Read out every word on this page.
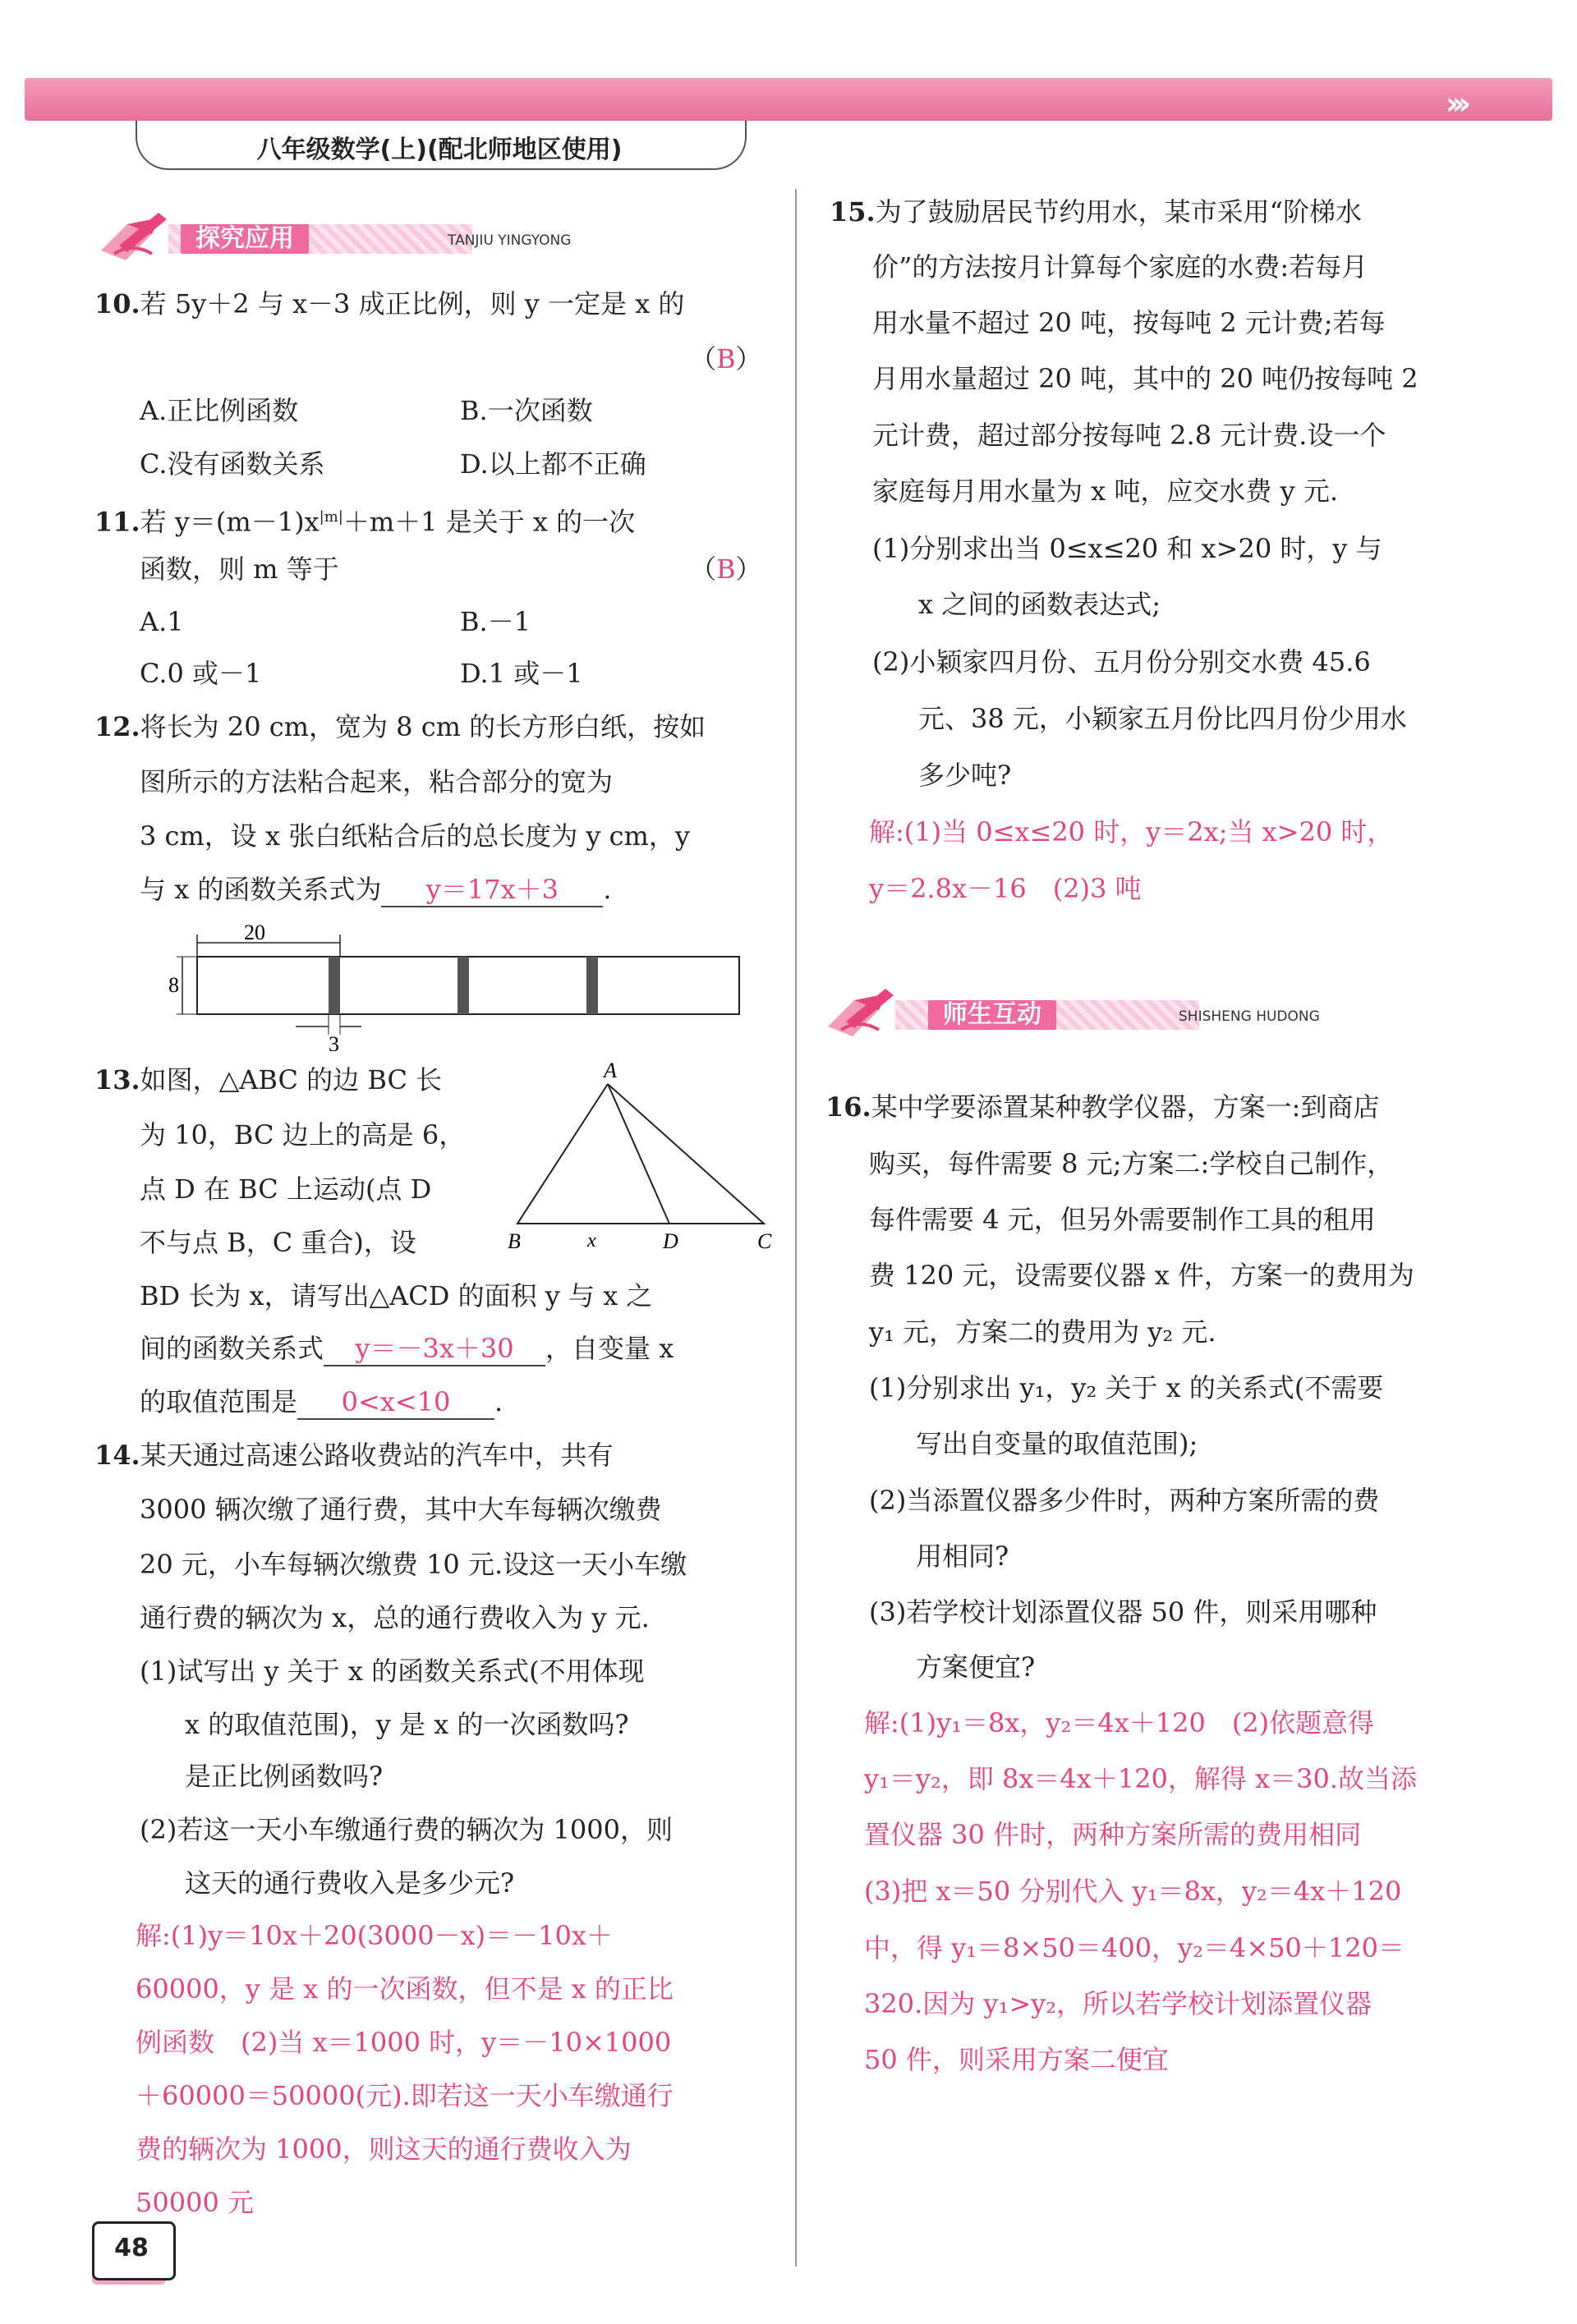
›››
八年级数学(上)(配北师地区使用)
探究应用	TANJIU YINGYONG
10.若 5y＋2 与 x－3 成正比例，则 y 一定是 x 的
（B）
A.正比例函数	B.一次函数
C.没有函数关系	D.以上都不正确
11.若 $y=(m-1)x^{|m|}+m+1$ 是关于 x 的一次
函数，则 m 等于	（B）
A.1	B.－1
C.0 或－1	D.1 或－1
12.将长为 20 cm，宽为 8 cm 的长方形白纸，按如
图所示的方法粘合起来，粘合部分的宽为
3 cm，设 x 张白纸粘合后的总长度为 y cm，y
与 x 的函数关系式为 y＝17x＋3 .
20
8
3
13.如图，△ABC 的边 BC 长
为 10，BC 边上的高是 6，
点 D 在 BC 上运动(点 D
不与点 B，C 重合)，设
BD 长为 x，请写出△ACD 的面积 y 与 x 之
间的函数关系式 y＝－3x＋30 ，自变量 x
的取值范围是 0<x<10 .
A
B	C
D
x
14.某天通过高速公路收费站的汽车中，共有
3000 辆次缴了通行费，其中大车每辆次缴费
20 元，小车每辆次缴费 10 元.设这一天小车缴
通行费的辆次为 x，总的通行费收入为 y 元.
(1)试写出 y 关于 x 的函数关系式(不用体现
x 的取值范围)，y 是 x 的一次函数吗?
是正比例函数吗?
(2)若这一天小车缴通行费的辆次为 1000，则
这天的通行费收入是多少元?
解:(1)y＝10x＋20(3000－x)＝－10x＋
60000，y 是 x 的一次函数，但不是 x 的正比
例函数　(2)当 x＝1000 时，y＝－10×1000
＋60000＝50000(元).即若这一天小车缴通行
费的辆次为 1000，则这天的通行费收入为
50000 元
15.为了鼓励居民节约用水，某市采用“阶梯水
价”的方法按月计算每个家庭的水费:若每月
用水量不超过 20 吨，按每吨 2 元计费;若每
月用水量超过 20 吨，其中的 20 吨仍按每吨 2
元计费，超过部分按每吨 2.8 元计费.设一个
家庭每月用水量为 x 吨，应交水费 y 元.
(1)分别求出当 0≤x≤20 和 x>20 时，y 与
x 之间的函数表达式;
(2)小颖家四月份、五月份分别交水费 45.6
元、38 元，小颖家五月份比四月份少用水
多少吨?
解:(1)当 0≤x≤20 时，y＝2x;当 x>20 时，
y＝2.8x－16　(2)3 吨
师生互动	SHISHENG HUDONG
16.某中学要添置某种教学仪器，方案一:到商店
购买，每件需要 8 元;方案二:学校自己制作，
每件需要 4 元，但另外需要制作工具的租用
费 120 元，设需要仪器 x 件，方案一的费用为
y₁ 元，方案二的费用为 y₂ 元.
(1)分别求出 y₁，y₂ 关于 x 的关系式(不需要
写出自变量的取值范围);
(2)当添置仪器多少件时，两种方案所需的费
用相同?
(3)若学校计划添置仪器 50 件，则采用哪种
方案便宜?
解:(1)y₁＝8x，y₂＝4x＋120　(2)依题意得
y₁＝y₂，即 8x＝4x＋120，解得 x＝30.故当添
置仪器 30 件时，两种方案所需的费用相同
(3)把 x＝50 分别代入 y₁＝8x，y₂＝4x＋120
中，得 y₁＝8×50＝400，y₂＝4×50＋120＝
320.因为 y₁>y₂，所以若学校计划添置仪器
50 件，则采用方案二便宜
48
